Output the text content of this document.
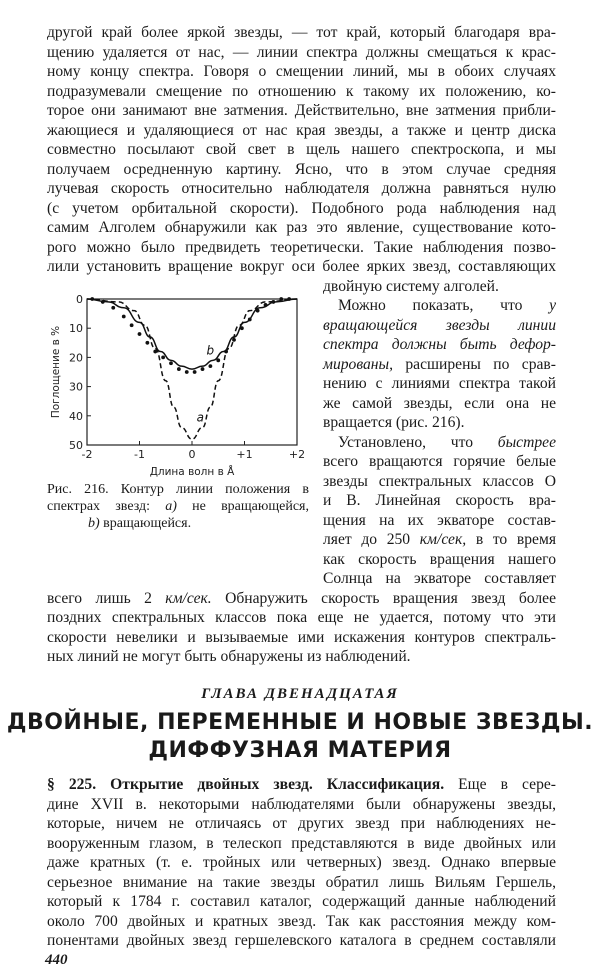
другой край более яркой звезды, — тот край, который благодаря вра-
щению удаляется от нас, — линии спектра должны смещаться к крас-
ному концу спектра. Говоря о смещении линий, мы в обоих случаях
подразумевали смещение по отношению к такому их положению, ко-
торое они занимают вне затмения. Действительно, вне затмения прибли-
жающиеся и удаляющиеся от нас края звезды, а также и центр диска
совместно посылают свой свет в щель нашего спектроскопа, и мы
получаем осредненную картину. Ясно, что в этом случае средняя
лучевая скорость относительно наблюдателя должна равняться нулю
(с учетом орбитальной скорости). Подобного рода наблюдения над
самим Алголем обнаружили как раз это явление, существование кото-
рого можно было предвидеть теоретически. Такие наблюдения позво-
лили установить вращение вокруг оси более ярких звезд, составляющих
двойную систему алголей.
0
10
20
30
40
50
-2	-1	0	+1	+2
Длина волн в Å
Поглощение в %	a
b
Рис. 216. Контур линии положения в
спектрах звезд: а) не вращающейся,
b) вращающейся.
Можно показать, что у
вращающейся звезды линии
спектра должны быть дефор-
мированы, расширены по срав-
нению с линиями спектра такой
же самой звезды, если она не
вращается (рис. 216).
Установлено, что быстрее
всего вращаются горячие белые
звезды спектральных классов O
и B. Линейная скорость вра-
щения на их экваторе состав-
ляет до 250 км/сек, в то время
как скорость вращения нашего
Солнца на экваторе составляет
всего лишь 2 км/сек. Обнаружить скорость вращения звезд более
поздних спектральных классов пока еще не удается, потому что эти
ных линий не могут быть обнаружены из наблюдений.
скорости невелики и вызываемые ими искажения контуров спектраль-
ГЛАВА ДВЕНАДЦАТАЯ
ДВОЙНЫЕ, ПЕРЕМЕННЫЕ И НОВЫЕ ЗВЕЗДЫ.
ДИФФУЗНАЯ МАТЕРИЯ
§ 225. Открытие двойных звезд. Классификация. Еще в сере-
дине XVII в. некоторыми наблюдателями были обнаружены звезды,
которые, ничем не отличаясь от других звезд при наблюдениях не-
вооруженным глазом, в телескоп представляются в виде двойных или
даже кратных (т. е. тройных или четверных) звезд. Однако впервые
серьезное внимание на такие звезды обратил лишь Вильям Гершель,
который к 1784 г. составил каталог, содержащий данные наблюдений
около 700 двойных и кратных звезд. Так как расстояния между ком-
понентами двойных звезд гершелевского каталога в среднем составляли
440
